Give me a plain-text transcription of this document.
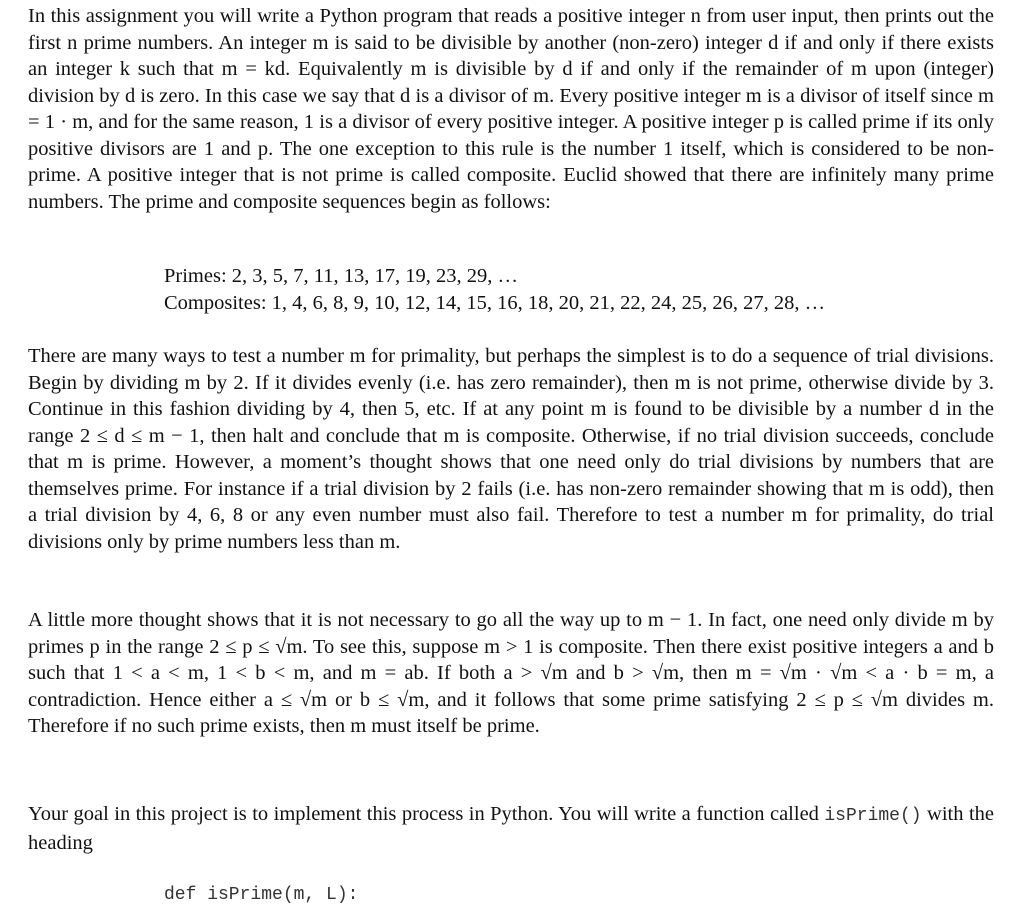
In this assignment you will write a Python program that reads a positive integer n from user input, then prints out the first n prime numbers. An integer m is said to be divisible by another (non-zero) integer d if and only if there exists an integer k such that m = kd. Equivalently m is divisible by d if and only if the remainder of m upon (integer) division by d is zero. In this case we say that d is a divisor of m. Every positive integer m is a divisor of itself since m = 1 · m, and for the same reason, 1 is a divisor of every positive integer. A positive integer p is called prime if its only positive divisors are 1 and p. The one exception to this rule is the number 1 itself, which is considered to be non-prime. A positive integer that is not prime is called composite. Euclid showed that there are infinitely many prime numbers. The prime and composite sequences begin as follows:

Primes: 2, 3, 5, 7, 11, 13, 17, 19, 23, 29, …
Composites: 1, 4, 6, 8, 9, 10, 12, 14, 15, 16, 18, 20, 21, 22, 24, 25, 26, 27, 28, …

There are many ways to test a number m for primality, but perhaps the simplest is to do a sequence of trial divisions. Begin by dividing m by 2. If it divides evenly (i.e. has zero remainder), then m is not prime, otherwise divide by 3. Continue in this fashion dividing by 4, then 5, etc. If at any point m is found to be divisible by a number d in the range 2 ≤ d ≤ m − 1, then halt and conclude that m is composite. Otherwise, if no trial division succeeds, conclude that m is prime. However, a moment’s thought shows that one need only do trial divisions by numbers that are themselves prime. For instance if a trial division by 2 fails (i.e. has non-zero remainder showing that m is odd), then a trial division by 4, 6, 8 or any even number must also fail. Therefore to test a number m for primality, do trial divisions only by prime numbers less than m.

A little more thought shows that it is not necessary to go all the way up to m − 1. In fact, one need only divide m by primes p in the range 2 ≤ p ≤ √m. To see this, suppose m > 1 is composite. Then there exist positive integers a and b such that 1 < a < m, 1 < b < m, and m = ab. If both a > √m and b > √m, then m = √m · √m < a · b = m, a contradiction. Hence either a ≤ √m or b ≤ √m, and it follows that some prime satisfying 2 ≤ p ≤ √m divides m. Therefore if no such prime exists, then m must itself be prime.

Your goal in this project is to implement this process in Python. You will write a function called isPrime() with the heading

def isPrime(m, L):
